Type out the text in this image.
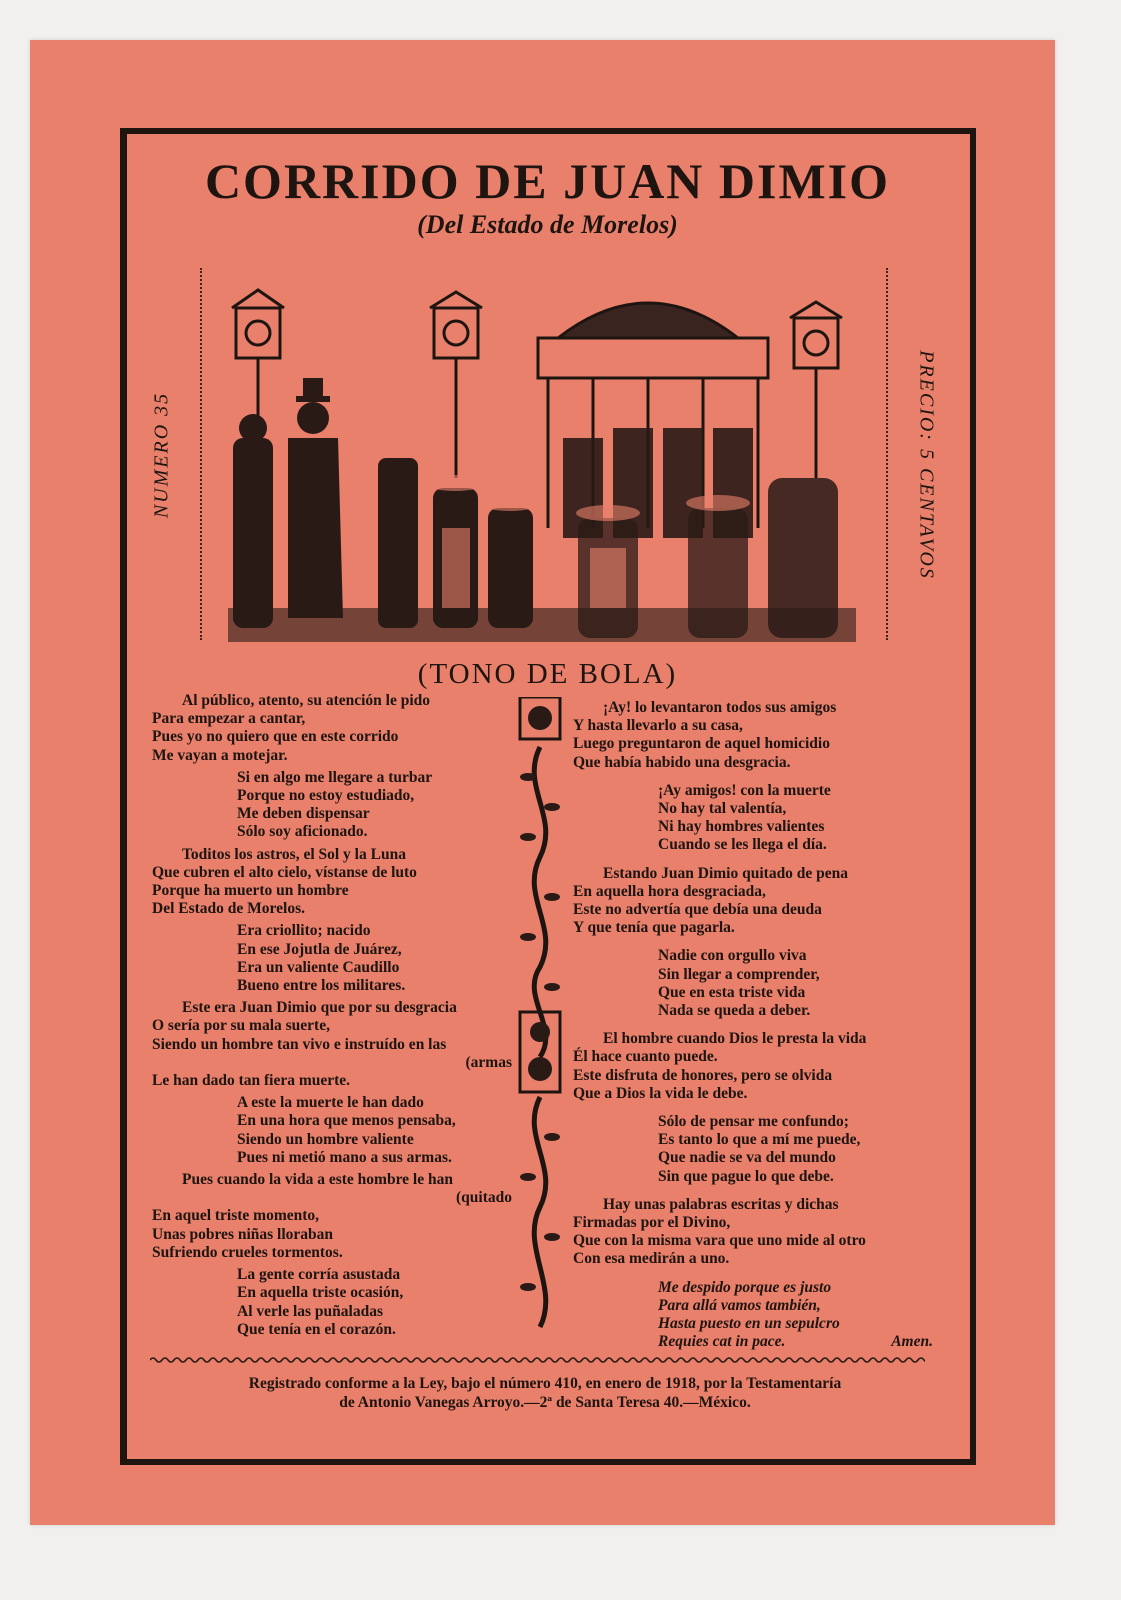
CORRIDO DE JUAN DIMIO
(Del Estado de Morelos)
NUMERO 35	PRECIO: 5 CENTAVOS
(TONO DE BOLA)
Al público, atento, su atención le pido
Para empezar a cantar,
Pues yo no quiero que en este corrido
Me vayan a motejar.
Si en algo me llegare a turbar
Porque no estoy estudiado,
Me deben dispensar
Sólo soy aficionado.
Toditos los astros, el Sol y la Luna
Que cubren el alto cielo, vístanse de luto
Porque ha muerto un hombre
Del Estado de Morelos.
Era criollito; nacido
En ese Jojutla de Juárez,
Era un valiente Caudillo
Bueno entre los militares.
Este era Juan Dimio que por su desgracia
O sería por su mala suerte,
Siendo un hombre tan vivo e instruído en las
(armas
Le han dado tan fiera muerte.
A este la muerte le han dado
En una hora que menos pensaba,
Siendo un hombre valiente
Pues ni metió mano a sus armas.
Pues cuando la vida a este hombre le han
(quitado
En aquel triste momento,
Unas pobres niñas lloraban
Sufriendo crueles tormentos.
La gente corría asustada
En aquella triste ocasión,
Al verle las puñaladas
Que tenía en el corazón.
¡Ay! lo levantaron todos sus amigos
Y hasta llevarlo a su casa,
Luego preguntaron de aquel homicidio
Que había habido una desgracia.
¡Ay amigos! con la muerte
No hay tal valentía,
Ni hay hombres valientes
Cuando se les llega el día.
Estando Juan Dimio quitado de pena
En aquella hora desgraciada,
Este no advertía que debía una deuda
Y que tenía que pagarla.
Nadie con orgullo viva
Sin llegar a comprender,
Que en esta triste vida
Nada se queda a deber.
El hombre cuando Dios le presta la vida
Él hace cuanto puede.
Este disfruta de honores, pero se olvida
Que a Dios la vida le debe.
Sólo de pensar me confundo;
Es tanto lo que a mí me puede,
Que nadie se va del mundo
Sin que pague lo que debe.
Hay unas palabras escritas y dichas
Firmadas por el Divino,
Que con la misma vara que uno mide al otro
Con esa medirán a uno.
Me despido porque es justo
Para allá vamos también,
Hasta puesto en un sepulcro
Requies cat in pace.	Amen.
Registrado conforme a la Ley, bajo el número 410, en enero de 1918, por la Testamentaría
de Antonio Vanegas Arroyo.—2ª de Santa Teresa 40.—México.
